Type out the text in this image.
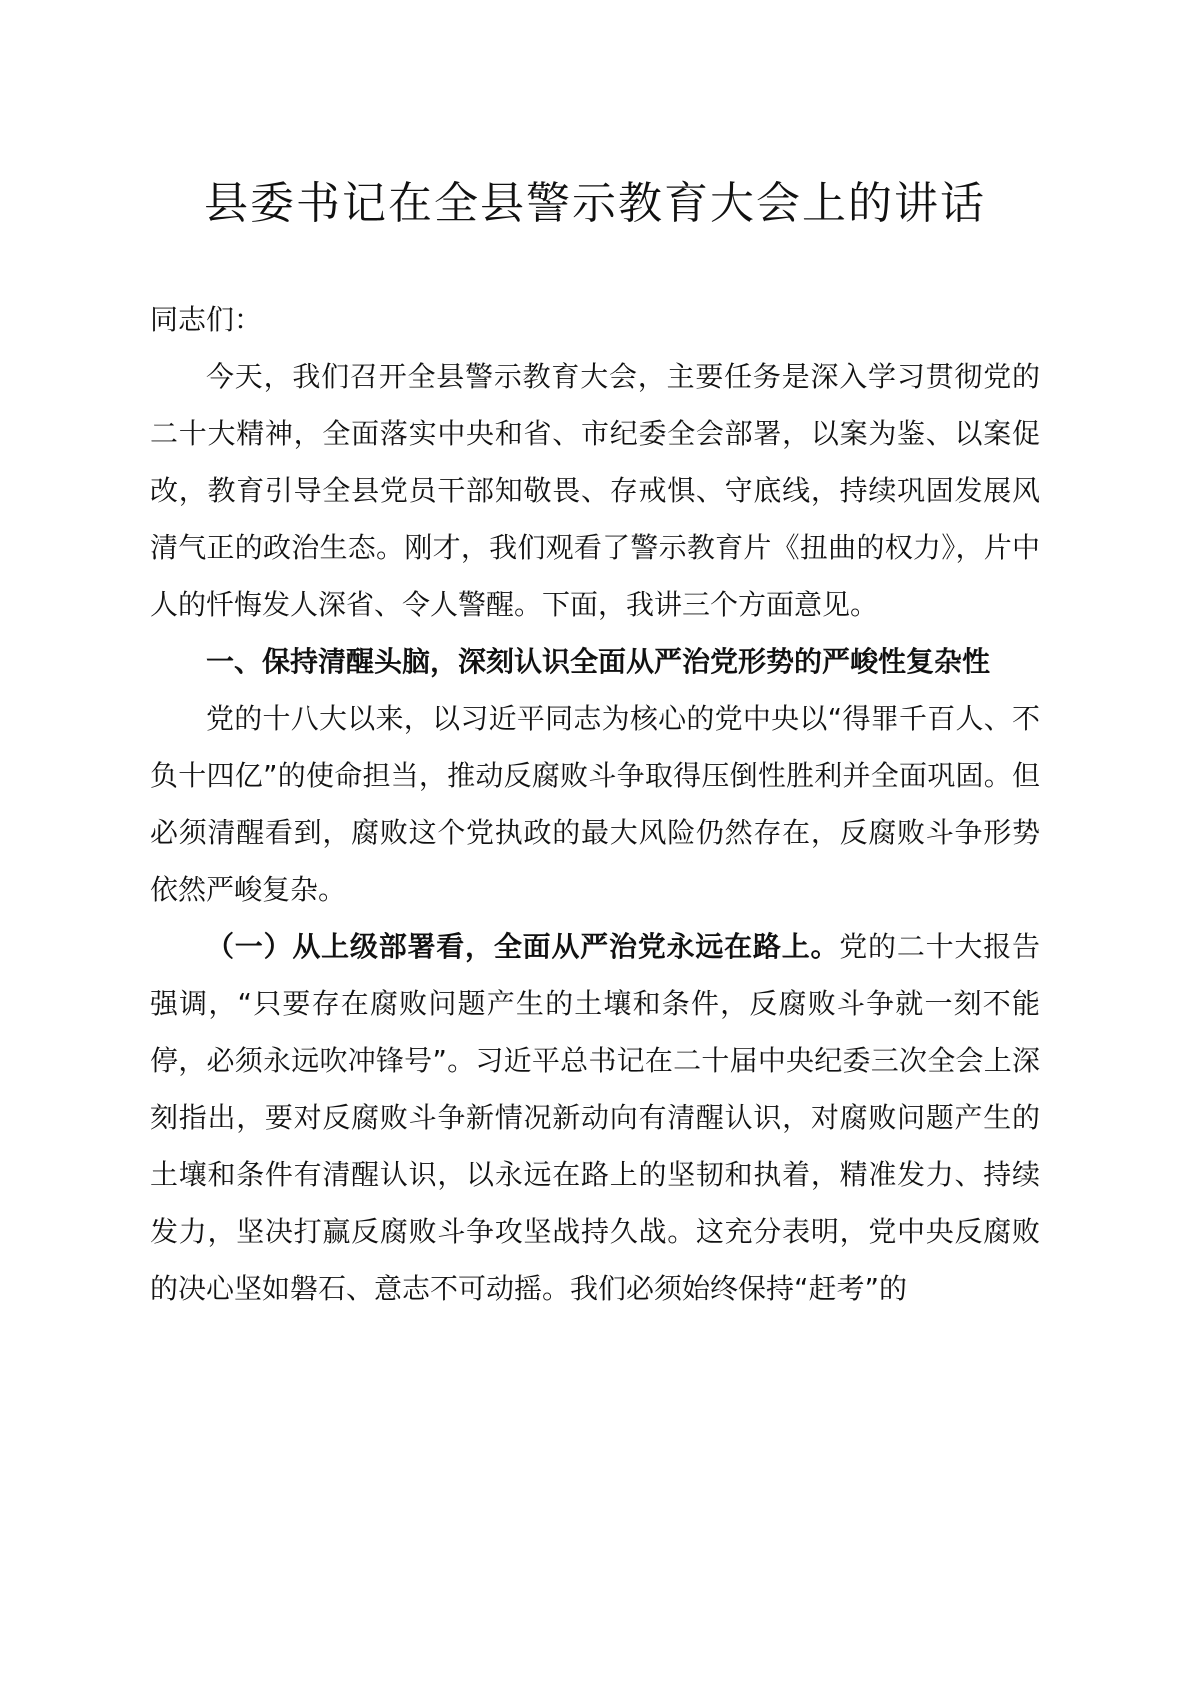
县委书记在全县警示教育大会上的讲话

同志们：

今天，我们召开全县警示教育大会，主要任务是深入学习贯彻党的二十大精神，全面落实中央和省、市纪委全会部署，以案为鉴、以案促改，教育引导全县党员干部知敬畏、存戒惧、守底线，持续巩固发展风清气正的政治生态。刚才，我们观看了警示教育片《扭曲的权力》，片中人的忏悔发人深省、令人警醒。下面，我讲三个方面意见。

一、保持清醒头脑，深刻认识全面从严治党形势的严峻性复杂性

党的十八大以来，以习近平同志为核心的党中央以“得罪千百人、不负十四亿”的使命担当，推动反腐败斗争取得压倒性胜利并全面巩固。但必须清醒看到，腐败这个党执政的最大风险仍然存在，反腐败斗争形势依然严峻复杂。

（一）从上级部署看，全面从严治党永远在路上。党的二十大报告强调，“只要存在腐败问题产生的土壤和条件，反腐败斗争就一刻不能停，必须永远吹冲锋号”。习近平总书记在二十届中央纪委三次全会上深刻指出，要对反腐败斗争新情况新动向有清醒认识，对腐败问题产生的土壤和条件有清醒认识，以永远在路上的坚韧和执着，精准发力、持续发力，坚决打赢反腐败斗争攻坚战持久战。这充分表明，党中央反腐败的决心坚如磐石、意志不可动摇。我们必须始终保持“赶考”的
